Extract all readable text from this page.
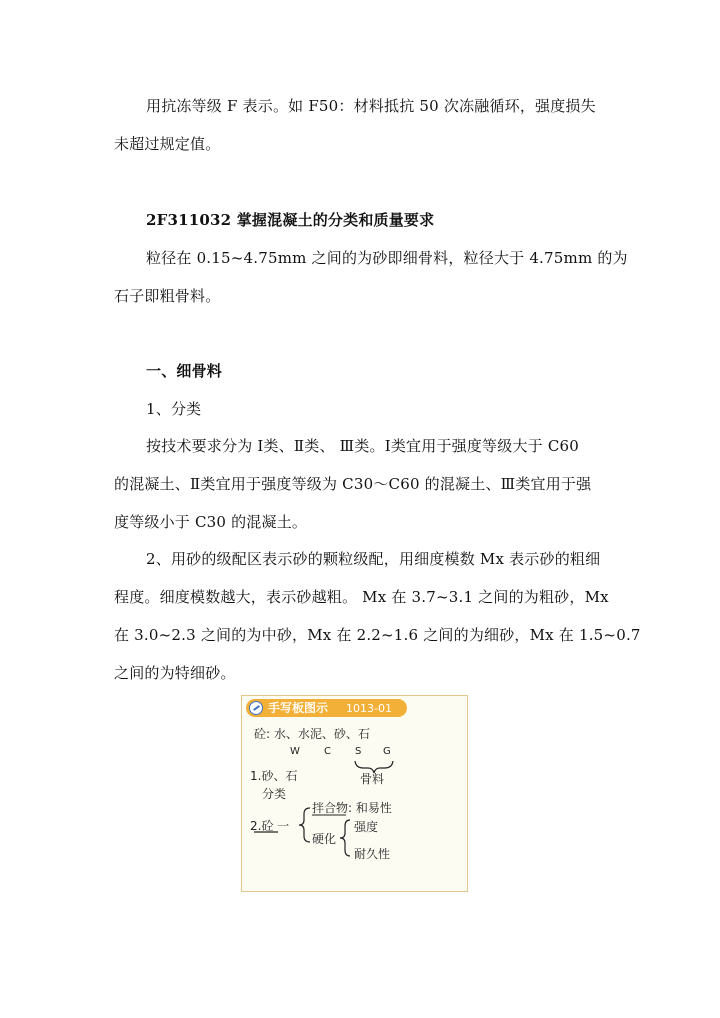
用抗冻等级 F 表示。如 F50：材料抵抗 50 次冻融循环，强度损失
未超过规定值。
2F311032 掌握混凝土的分类和质量要求
粒径在 0.15~4.75mm 之间的为砂即细骨料，粒径大于 4.75mm 的为
石子即粗骨料。
一、细骨料
1、分类
按技术要求分为 Ⅰ类、Ⅱ类、 Ⅲ类。Ⅰ类宜用于强度等级大于 C60
的混凝土、Ⅱ类宜用于强度等级为 C30～C60 的混凝土、Ⅲ类宜用于强
度等级小于 C30 的混凝土。
2、用砂的级配区表示砂的颗粒级配，用细度模数 Mx 表示砂的粗细
程度。细度模数越大，表示砂越粗。 Mx 在 3.7~3.1 之间的为粗砂，Mx
在 3.0~2.3 之间的为中砂，Mx 在 2.2~1.6 之间的为细砂，Mx 在 1.5~0.7
之间的为特细砂。
手写板图示 1013-01
砼: 水、水泥、砂、石
W C S G
骨料
1.砂、石
分类
2.砼 一
拌合物: 和易性
硬化
强度
耐久性
